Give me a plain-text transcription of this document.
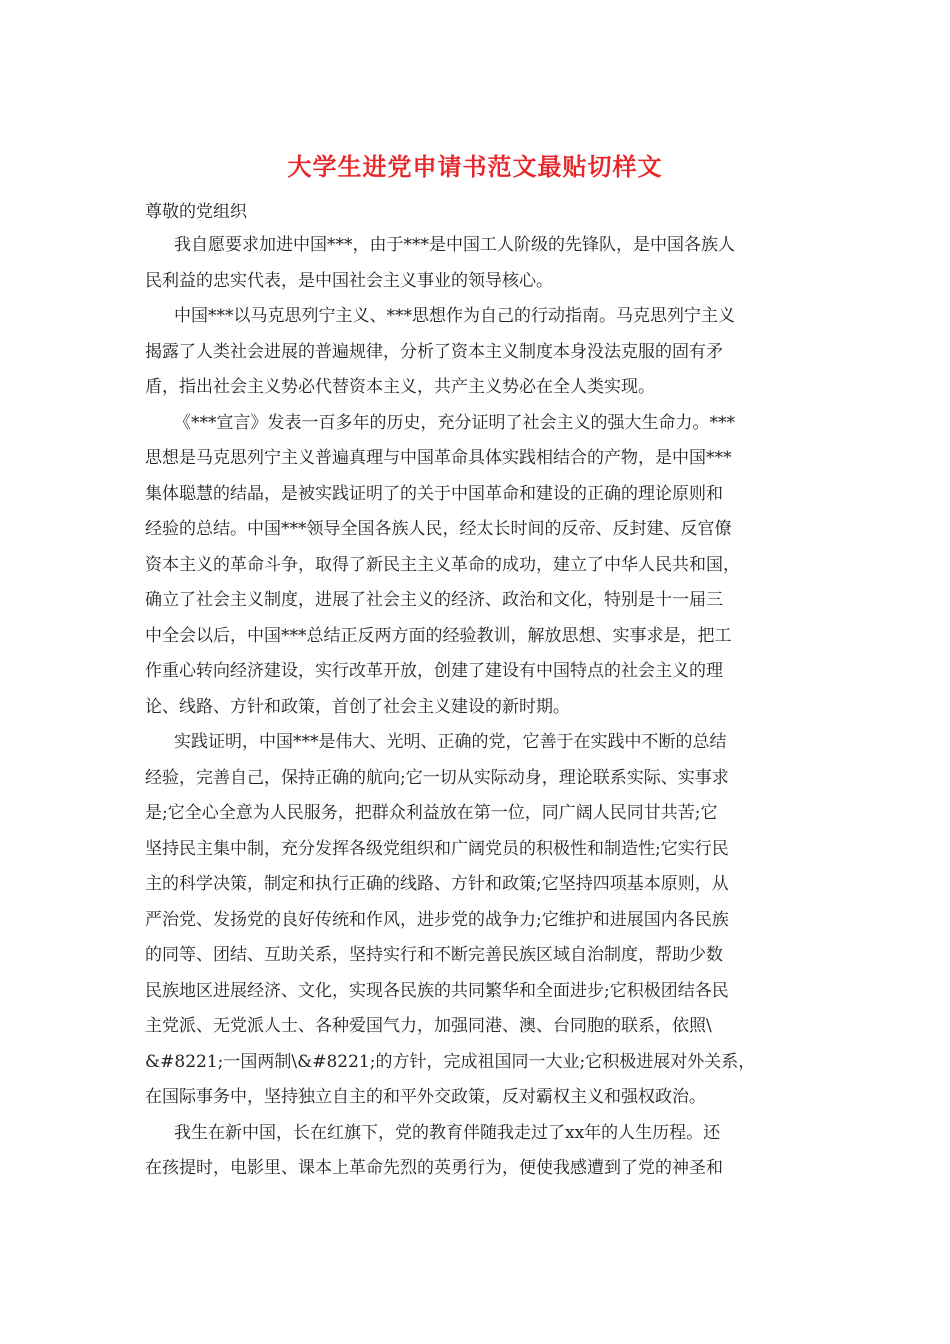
大学生进党申请书范文最贴切样文
尊敬的党组织
我自愿要求加进中国***，由于***是中国工人阶级的先锋队，是中国各族人
民利益的忠实代表，是中国社会主义事业的领导核心。
中国***以马克思列宁主义、***思想作为自己的行动指南。马克思列宁主义
揭露了人类社会进展的普遍规律，分析了资本主义制度本身没法克服的固有矛
盾，指出社会主义势必代替资本主义，共产主义势必在全人类实现。
《***宣言》发表一百多年的历史，充分证明了社会主义的强大生命力。***
思想是马克思列宁主义普遍真理与中国革命具体实践相结合的产物，是中国***
集体聪慧的结晶，是被实践证明了的关于中国革命和建设的正确的理论原则和
经验的总结。中国***领导全国各族人民，经太长时间的反帝、反封建、反官僚
资本主义的革命斗争，取得了新民主主义革命的成功，建立了中华人民共和国，
确立了社会主义制度，进展了社会主义的经济、政治和文化，特别是十一届三
中全会以后，中国***总结正反两方面的经验教训，解放思想、实事求是，把工
作重心转向经济建设，实行改革开放，创建了建设有中国特点的社会主义的理
论、线路、方针和政策，首创了社会主义建设的新时期。
实践证明，中国***是伟大、光明、正确的党，它善于在实践中不断的总结
经验，完善自己，保持正确的航向;它一切从实际动身，理论联系实际、实事求
是;它全心全意为人民服务，把群众利益放在第一位，同广阔人民同甘共苦;它
坚持民主集中制，充分发挥各级党组织和广阔党员的积极性和制造性;它实行民
主的科学决策，制定和执行正确的线路、方针和政策;它坚持四项基本原则，从
严治党、发扬党的良好传统和作风，进步党的战争力;它维护和进展国内各民族
的同等、团结、互助关系，坚持实行和不断完善民族区域自治制度，帮助少数
民族地区进展经济、文化，实现各民族的共同繁华和全面进步;它积极团结各民
主党派、无党派人士、各种爱国气力，加强同港、澳、台同胞的联系，依照\
&#8221;一国两制\&#8221;的方针，完成祖国同一大业;它积极进展对外关系，
在国际事务中，坚持独立自主的和平外交政策，反对霸权主义和强权政治。
我生在新中国，长在红旗下，党的教育伴随我走过了xx年的人生历程。还
在孩提时，电影里、课本上革命先烈的英勇行为，便使我感遭到了党的神圣和
